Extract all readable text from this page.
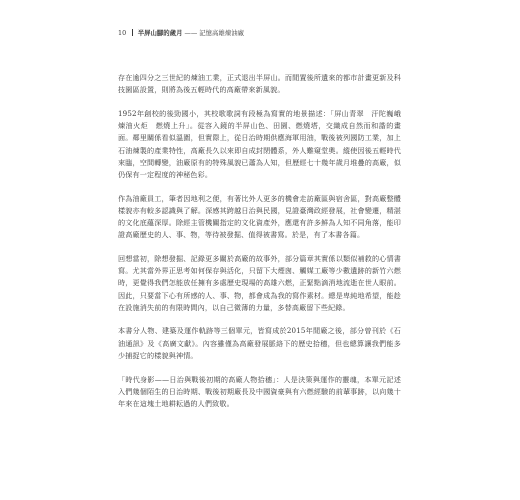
10 半屏山腳的歲月 —— 記憶高雄煉油廠

存在逾四分之三世紀的煉油工業，正式退出半屏山。而閒置後所遺來的都市計畫更新及科技園區設置，則將為後五輕時代的高廠帶來新風貌。

1952年創校的後勁國小，其校歌歌詞有段極為寫實的地景描述：「屏山青翠　汗陀巍峨　煉油火炬　燃燒上升」。從容入鏡的半屏山色、田園、燃燒塔，交織成自然而和諧的畫面。鄰里關係看似溫圍，但實際上，從日治時期供應海軍用油，戰後被列國防工業，加上石油煉製的產業特性，高廠長久以來即自成封閉體系，外人難窺堂奧。縱使因後五輕時代來臨，空間轉變，油廠原有的特殊風貌已蕭為人知，但歷經七十幾年歲月堆疊的高廠，似仍保有一定程度的神秘色彩。

作為油廠員工，筆者因地利之便，有著比外人更多的機會走訪廠區與宿舍區，對高廠整體樣貌亦有較多認識與了解。深感其跨越日治與民國，見證臺灣政經發展，社會變遷，精湛的文化底蘊深厚。除經主管機關指定的文化資產外，應還有許多鮮為人知不同角落，能印證高廠歷史的人、事、物，等待被發掘、值得被書寫。於是，有了本書各篇。

回想當初，除想發掘、記錄更多關於高廠的故事外，部分篇章其實係以類似補救的心情書寫。尤其當外界正思考如何保存與活化，只留下大煙囪、觸媒工廠等少數遺跡的新竹六燃時，更覺得我們怎能放任擁有多處歷史現場的高雄六燃，正緊點滴消地流逝在世人眼前。因此，只要當下心有所感的人、事、物，都會成為我的寫作素材。總是卑純地希望，能趁在設施消失前的有限時間內，以自己微薄的力量，多替高廠留下些紀錄。

本書分人物、建築及運作軌跡等三個單元，皆寫成於2015年閒廠之後，部分曾刊於《石油通訊》及《高廣文獻》。內容雖僅為高廠發展脈絡下的歷史拾穗，但也總算讓我們能多少捕捉它的樣貌與神情。

「時代身影——日治與戰後初期的高廠人物拾穗」：人是決策與運作的靈魂，本單元記述入們幾個陌生的日治時期、戰後初期廠長及中國資豪與有六燃經驗的前輩事跡，以向幾十年來在這塊土地耕耘過的人們致敬。
